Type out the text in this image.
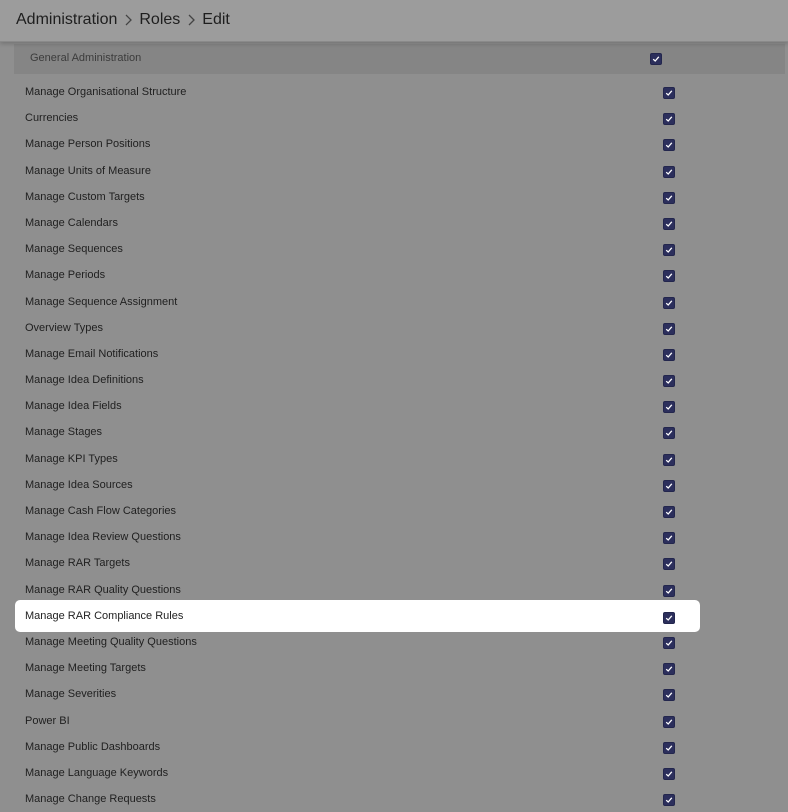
Administration Roles Edit
General Administration
Manage Organisational Structure
Currencies
Manage Person Positions
Manage Units of Measure
Manage Custom Targets
Manage Calendars
Manage Sequences
Manage Periods
Manage Sequence Assignment
Overview Types
Manage Email Notifications
Manage Idea Definitions
Manage Idea Fields
Manage Stages
Manage KPI Types
Manage Idea Sources
Manage Cash Flow Categories
Manage Idea Review Questions
Manage RAR Targets
Manage RAR Quality Questions
Manage RAR Compliance Rules
Manage Meeting Quality Questions
Manage Meeting Targets
Manage Severities
Power BI
Manage Public Dashboards
Manage Language Keywords
Manage Change Requests
